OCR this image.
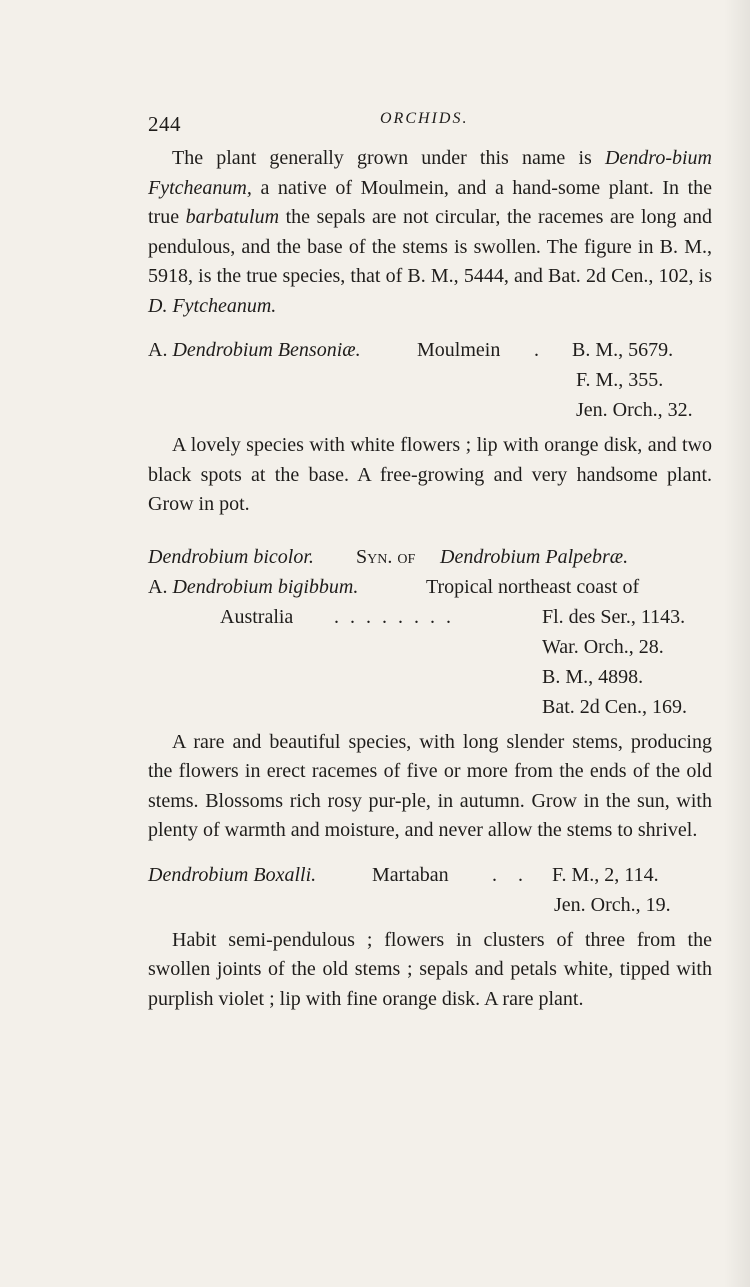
244	ORCHIDS.

The plant generally grown under this name is Dendro-bium Fytcheanum, a native of Moulmein, and a hand-some plant. In the true barbatulum the sepals are not circular, the racemes are long and pendulous, and the base of the stems is swollen. The figure in B. M., 5918, is the true species, that of B. M., 5444, and Bat. 2d Cen., 102, is D. Fytcheanum.

A. Dendrobium Bensoniæ.	Moulmein . B. M., 5679.
F. M., 355.
Jen. Orch., 32.

A lovely species with white flowers ; lip with orange disk, and two black spots at the base. A free-growing and very handsome plant. Grow in pot.

Dendrobium bicolor. Syn. of Dendrobium Palpebræ.
A. Dendrobium bigibbum.	Tropical northeast coast of
Australia . . . . . . . .	Fl. des Ser., 1143.
War. Orch., 28.
B. M., 4898.
Bat. 2d Cen., 169.

A rare and beautiful species, with long slender stems, producing the flowers in erect racemes of five or more from the ends of the old stems. Blossoms rich rosy pur-ple, in autumn. Grow in the sun, with plenty of warmth and moisture, and never allow the stems to shrivel.

Dendrobium Boxalli.	Martaban . . F. M., 2, 114.
Jen. Orch., 19.

Habit semi-pendulous ; flowers in clusters of three from the swollen joints of the old stems ; sepals and petals white, tipped with purplish violet ; lip with fine orange disk. A rare plant.
